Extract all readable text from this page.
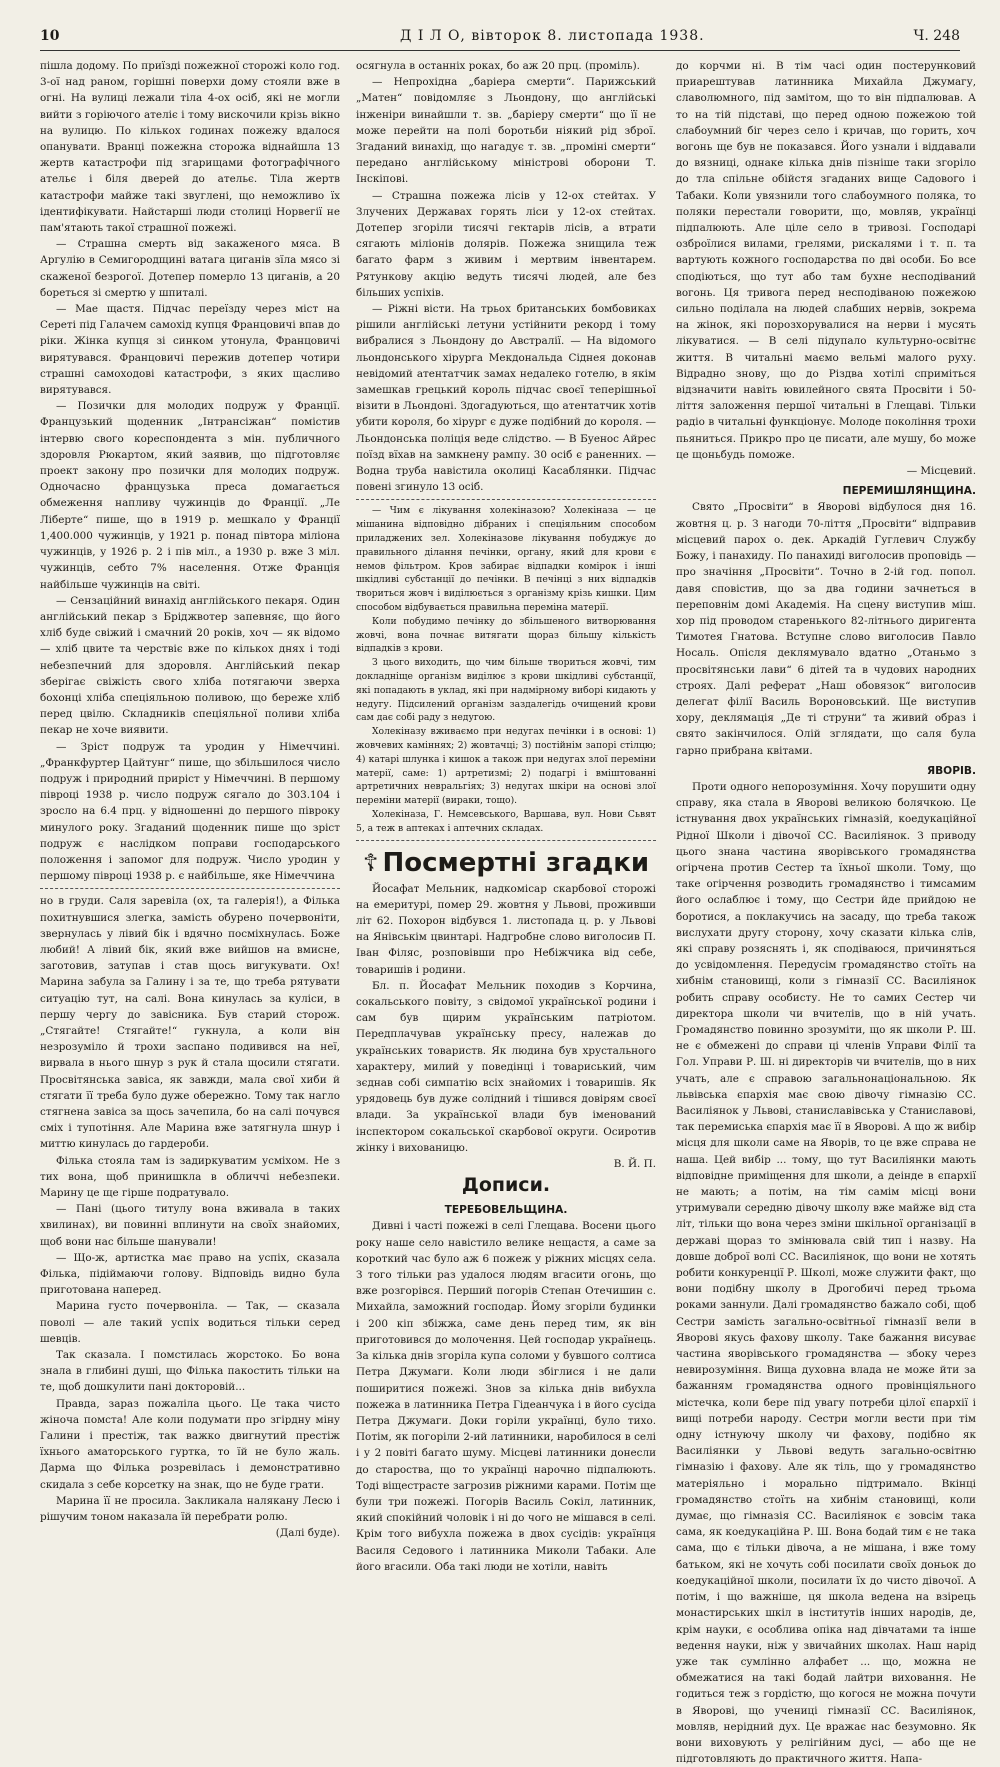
10	Д І Л О, вівторок 8. листопада 1938.	Ч. 248

пішла додому. По приїзді пожежної сторожі коло год. 3-ої над раном, горішні поверхи дому стояли вже в огні. На вулиці лежали тіла 4-ох осіб, які не могли вийти з горіючого ателіє і тому вискочили крізь вікно на вулицю. По кількох годинах пожежу вдалося опанувати. Вранці пожежна сторожа віднайшла 13 жертв катастрофи під згарищами фотографічного ательє і біля дверей до ательє. Тіла жертв катастрофи майже такі звуглені, що неможливо їх ідентифікувати. Найстарші люди столиці Норвегії не пам'ятають такої страшної пожежі.

— Страшна смерть від закаженого мяса. В Аргулію в Семигородщині ватага циганів зїла мясо зі скаженої безрогої. Дотепер померло 13 циганів, а 20 бореться зі смертю у шпиталі.

— Мае щастя. Підчас переїзду через міст на Сереті під Галачем самохід купця Францовичі впав до ріки. Жінка купця зі синком утонула, Францовичі вирятувався. Францовичі пережив дотепер чотири страшні самоходові катастрофи, з яких щасливо вирятувався.

— Позички для молодих подруж у Франції. Французький щоденник „Інтрансіжан“ помістив інтервю свого кореспондента з мін. публичного здоровля Рюкартом, який заявив, що підготовляє проект закону про позички для молодих подруж. Одночасно французька преса домагається обмеження напливу чужинців до Франції. „Ле Ліберте“ пише, що в 1919 р. мешкало у Франції 1,400.000 чужинців, у 1921 р. понад півтора міліона чужинців, у 1926 р. 2 і пів міл., а 1930 р. вже 3 міл. чужинців, себто 7% населення. Отже Франція найбільше чужинців на світі.

— Сензаційний винахід англійського пекаря. Один англійський пекар з Бріджвотер запевняє, що його хліб буде свіжий і смачний 20 років, хоч — як відомо — хліб цвите та черствіє вже по кількох днях і тоді небезпечний для здоровля. Англійський пекар зберігає свіжість свого хліба потягаючи зверха бохонці хліба спеціяльною поливою, що береже хліб перед цвілю. Складників спеціяльної поливи хліба пекар не хоче виявити.

— Зріст подруж та уродин у Німеччині. „Франкфуртер Цайтунг“ пише, що збільшилося число подруж і природний приріст у Німеччині. В першому півроці 1938 р. число подруж сягало до 303.104 і зросло на 6.4 прц. у відношенні до першого півроку минулого року. Згаданий щоденник пише що зріст подруж є наслідком поправи господарського положення і запомог для подруж. Число уродин у першому півроці 1938 р. є найбільше, яке Німеччина

но в груди. Саля заревіла (ох, та галерія!), а Філька похитнувшися злегка, замість обурено почервоніти, звернулась у лівий бік і вдячно посміхнулась. Боже любий! А лівий бік, який вже вийшов на вмисне, заготовив, затупав і став щось вигукувати. Ох! Марина забула за Галину і за те, що треба рятувати ситуацію тут, на салі. Вона кинулась за куліси, в першу чергу до завісника. Був старий сторож. „Стягайте! Стягайте!“ гукнула, а коли він незрозуміло й трохи заспано подивився на неї, вирвала в нього шнур з рук й стала щосили стягати. Просвітянська завіса, як завжди, мала свої хиби й стягати її треба було дуже обережно. Тому так нагло стягнена завіса за щось зачепила, бо на салі почувся сміх і тупотіння. Але Марина вже затягнула шнур і миттю кинулась до гардероби.

Філька стояла там із задиркуватим усміхом. Не з тих вона, щоб принишкла в обличчі небезпеки. Марину це ще гірше подратувало.

— Пані (цього титулу вона вживала в таких хвилинах), ви повинні вплинути на своїх знайомих, щоб вони нас більше шанували!

— Що-ж, артистка має право на успіх, сказала Філька, підіймаючи голову. Відповідь видно була приготована наперед.

Марина густо почервоніла. — Так, — сказала поволі — але такий успіх водиться тільки серед шевців.

Так сказала. І помстилась жорстоко. Бо вона знала в глибині душі, що Філька пакостить тільки на те, щоб дошкулити пані докторовій...

Правда, зараз пожаліла цього. Це така чисто жіноча помста! Але коли подумати про згірдну міну Галини і престіж, так важко двигнутий престіж їхнього аматорського гуртка, то їй не було жаль. Дарма що Філька розревілась і демонстративно скидала з себе корсетку на знак, що не буде грати.

Марина її не просила. Закликала наляканy Лесю і рішучим тоном наказала їй перебрати ролю.

(Далі буде).

осягнула в останніх роках, бо аж 20 прц. (проміль).

— Непрохідна „баріера смерти“. Парижський „Матен“ повідомляє з Льондону, що англійські інженіри винайшли т. зв. „баріеру смерти“ що її не може перейти на полі боротьби ніякий рід зброї. Згаданий винахід, що нагадує т. зв. „проміні смерти“ передано англійському міністрові оборони Т. Інскіпові.

— Страшна пожежа лісів у 12-ох стейтах. У Злучених Державах горять ліси у 12-ох стейтах. Дотепер згоріли тисячі гектарів лісів, а втрати сягають міліонів долярів. Пожежа знищила теж багато фарм з живим і мертвим інвентарем. Рятункову акцію ведуть тисячі людей, але без більших успіхів.

— Ріжні вісти. На трьох британських бомбовиках рішили англійські летуни устійнити рекорд і тому вибралися з Льондону до Австралії. — На відомого льондонського хірурга Мекдональда Сіднея доконав невідомий атентатчик замах недалеко готелю, в якім замешкав грецький король підчас своєї теперішньої візити в Льондоні. Здогадуються, що атентатчик хотів убити короля, бо хірург є дуже подібний до короля. — Льондонська поліція веде слідство. — В Буенос Айрес поїзд вїхав на замкнену рампу. 30 осіб є раненних. — Водна труба навістила околиці Касаблянки. Підчас повені згинуло 13 осіб.

— Чим є лікування холекіназою? Холекіназа — це мішанина відповідно дібраних і спеціяльним способом приладжених зел. Холекіназове лікування побуджує до правильного ділання печінки, органу, який для крови є немов фільтром. Кров забирає відпадки комірок і інші шкідливі субстанції до печінки. В печінці з них відпадків твориться жовч і виділюється з організму крізь кишки. Цим способом відбувається правильна переміна матерії.

Коли побудимо печінку до збільшеного витворювання жовчі, вона почнає витягати щораз більшу кількість відпадків з крови.

З цього виходить, що чим більше твориться жовчі, тим докладніще організм виділює з крови шкідливі субстанції, які попадають в уклад, які при надмірному виборі кидають у недугу. Підсилений організм заздалегідь очищений крови сам дає собі раду з недугою.

Холекіназу вживаємо при недугах печінки і в основі: 1) жовчевих каміннях; 2) жовтачці; 3) постійнім запорі стілцю; 4) катарі шлунка і кишок а також при недугах злої переміни матерії, саме: 1) артретизмі; 2) подагрі і вміштованні артретичних невральгіях; 3) недугах шкіри на основі злої переміни матерії (вирaки, тощо).

Холекіназа, Г. Немсевського, Варшава, вул. Нови Сьвят 5, а теж в аптеках і аптечних складах.

☦ Посмертні згадки

Йосафат Мельник, надкомісар скарбової сторожі на емеритурі, помер 29. жовтня у Львові, проживши літ 62. Похорон відбувся 1. листопада ц. р. у Львові на Янівськім цвинтарі. Надгробне слово виголосив П. Іван Філяс, розповівши про Небіжчика від себе, товаришів і родини.

Бл. п. Йосафат Мельник походив з Корчина, сокальського повіту, з свідомої української родини і сам був щирим українським патріотом. Передплачував українську пресу, належав до українських товариств. Як людина був хрустального характеру, милий у поведінці і товариський, чим зєднав собі симпатію всіх знайомих і товаришів. Як урядовець був дуже солідний і тішився довірям своєї влади. За української влади був іменований інспектором сокальської скарбової округи. Осиротив жінку і вихованицю.

В. Й. П.

Дописи.
ТЕРЕБОВЕЛЬЩИНА.

Дивні і часті пожежі в селі Глещава. Восени цього року наше село навістило велике нещастя, а саме за короткий час було аж 6 пожеж у ріжних місцях села. З того тільки раз удалося людям вгасити огонь, що вже розгорівся. Перший погорів Степан Отечишин с. Михайла, заможний господар. Йому згоріли будинки і 200 кіп збіжжа, саме день перед тим, як він приготовився до молочення. Цей господар українець. За кілька днів згоріла купа соломи у бувшого солтиса Петра Джумаги. Коли люди збіглися і не дали поширитися пожежі. Знов за кілька днів вибухла пожежа в латинника Петра Гідеанчука і в його сусіда Петра Джумаги. Доки горіли українці, було тихо. Потім, як погоріли 2-ий латинники, наробилося в селі і у 2 повіті багато шуму. Місцеві латинники донесли до староства, що то українці нарочно підпалюють. Тоді віщестрасте загрозив ріжними карами. Потім ще були три пожежі. Погорів Василь Сокіл, латинник, який спокійний чоловік і ні до чого не мішався в селі. Крім того вибухла пожежа в двох сусідів: українця Василя Седового і латинника Миколи Табаки. Але його вгасили. Оба такі люди не хотіли, навіть

до корчми ні. В тім часі один постерунковий приарештував латинника Михайла Джумагу, славолюмного, під замітом, що то він підпалював. А то на тій підставі, що перед одною пожежою той слабоумний біг через село і кричав, що горить, хоч вогонь ще був не показався. Його узнали і віддавали до вязниці, однаке кілька днів пізніше таки згоріло до тла спільне обійстя згаданих вище Садового і Табаки. Коли увязнили того слабоумного поляка, то поляки перестали говорити, що, мовляв, українці підпалюють. Але ціле село в тривозі. Господарі озброїлися вилами, грелями, рискалями і т. п. та вартують кожного господарства по дві особи. Бо все сподіються, що тут або там бухне несподіваний вогонь. Ця тривога перед несподіваною пожежою сильно подiлала на людей слабших нервів, зокрема на жінок, які порозхорувалися на нерви і мусять лікуватися. — В селі підупало культурно-освітнє життя. В читальні маємо вельмі малого руху. Відрадно знову, що до Різдва хотілі сприміться відзначити навіть ювилейного свята Просвіти і 50-ліття заложення першої читальні в Глещаві. Тільки радіо в читальні функціонує. Молоде покоління трохи пьяниться. Прикро про це писати, але мушу, бо може це щоньбудь поможе.

— Місцевий.

ПЕРЕМИШЛЯНЩИНА.

Свято „Просвіти“ в Яворові відбулося дня 16. жовтня ц. р. З нагоди 70-ліття „Просвіти“ відправив місцевий парох о. дек. Аркадій Гуглевич Службу Божу, і панахиду. По панахиді виголосив проповідь — про значіння „Просвіти“. Точно в 2-ій год. попол. давя сповістив, що за два години зачнеться в пeреповнім домі Академія. На сцену виступив міш. хор під проводом старенького 82-літнього диригента Тимотея Гнатова. Вступне слово виголосив Павло Носаль. Опісля деклямувало вдатно „Отаньмо з просвітянськи лави“ 6 дітей та в чудових народних строях. Далі реферат „Наш обовязок“ виголосив делегат філії Василь Вороновський. Ще виступив хору, деклямація „Де ті струни“ та живий образ і свято закінчилося. Олій зглядати, що саля була гарно прибрана квітами.

ЯВОРІВ.

Проти одного непорозуміння. Хочу порушити одну справу, яка стала в Яворові великою болячкою. Це істнування двох українських гімназій, коедукаційної Рідної Школи і дівочої СС. Василіянок. З приводу цього знана частина яворівського громадянства огірчена против Сестер та їхньої школи. Тому, що таке огірчення розводить громадянство і тимсамим його ослаблює і тому, що Сестри йде прийдою не боротися, а поклaкучись на заcаду, що треба також вислухати другу сторону, хочу сказати кілька слів, які справу розяснять і, як сподіваюся, причиняться до усвідомлення. Передусім громадянство стоїть на хибнім становищі, коли з гімназії СС. Василіянок робить справу особисту. Не то самих Сестер чи директора школи чи вчителів, що в ній учать. Громадянство повинно зрозуміти, що як школи Р. Ш. не є обмежені до справи ці членів Управи Філії та Гол. Управи Р. Ш. ні директорів чи вчителів, що в них учать, але є справою загальнонаціональною. Як львівська єпархія має свою дівочу гімназію СС. Василіянок у Львові, станиславівська у Станиславові, так перемиська єпархія має її в Яворові. А що ж вибір місця для школи саме на Яворів, то це вже справа не наша. Цей вибір ... тому, що тут Василіянки мають відповідне приміщення для школи, а деінде в єпархії не мають; а потім, на тім самім місці вони утримували середню дівочу школу вже майже від ста літ, тільки що вона через зміни шкільної організації в державі щораз то змінювала свій тип і назву. На довше доброї волі СС. Василіянок, що вони не хотять робити конкуренції Р. Школі, може служити факт, що вони подібну школу в Дрогобичі перед трьома роками заннули. Далі громадянство бажало собі, щоб Сестри замість загально-освітньої гімназії вели в Яворові якусь фахову школу. Таке бажання висуває частина яворівського громадянства — збоку через невирозуміння. Вища духовна влада не може йти за бажанням громадянства одного провінціяльного містечка, коли бере під увагу потреби цілої єпархії і вищі потреби народу. Сестри могли вести при тім одну істнуючу школу чи фахову, подібно як Василіянки у Львові ведуть загально-освітню гімназію і фахову. Але як тіль, що у громадянство матеріяльно і морально підтримало. Вкінці громадянство стоїть на хибнім становищі, коли думає, що гімназія СС. Василіянок є зовсім така сама, як коедукаційна Р. Ш. Вона бодай тим є не така сама, що є тільки дівоча, а не мішана, і вже тому батьком, які не хочуть собі посилати своїх доньок до коедукаційної школи, посилати їх до чисто дівочої. А потім, і що важніше, ця школа ведена на взірець монастирських шкіл в інститутів інших народів, де, крім науки, є особлива опіка над дівчатами та інше ведення науки, ніж у звичайних школах. Наш нарід уже так сумлінно алфабет ... що, можна не обмежатися на такі бодай лайтри виховання. Не годиться теж з гордістю, що когося не можна почути в Яворові, що учениці гімназії СС. Василіянок, мовляв, нерідний дух. Це вражає нас безумовно. Як вони виховують у релігійним дусі, — або ще не підготовляють до практичного життя. Напа-
